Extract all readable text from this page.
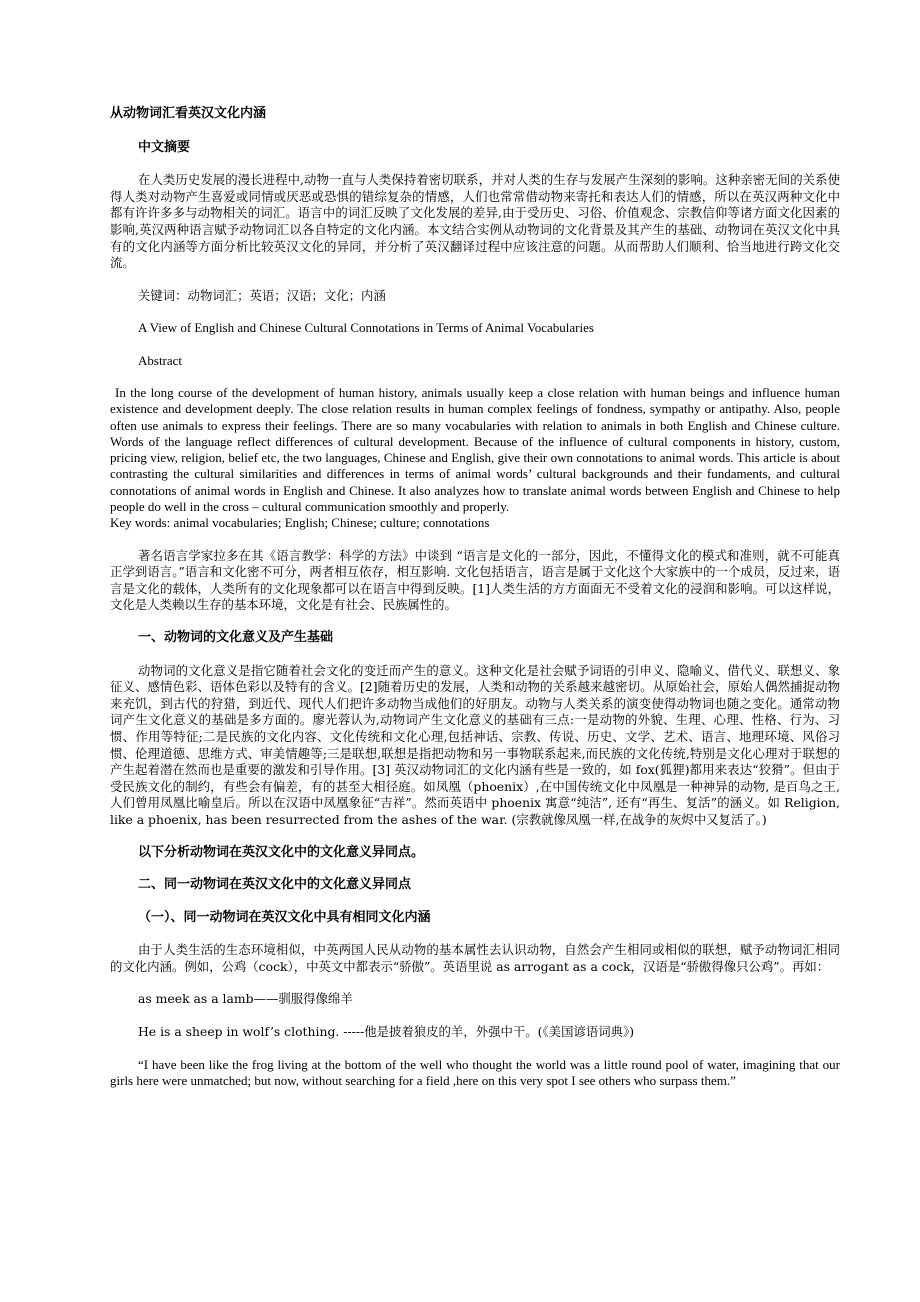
从动物词汇看英汉文化内涵
中文摘要

在人类历史发展的漫长进程中,动物一直与人类保持着密切联系，并对人类的生存与发展产生深刻的影响。这种亲密无间的关系使得人类对动物产生喜爱或同情或厌恶或恐惧的错综复杂的情感，人们也常常借动物来寄托和表达人们的情感，所以在英汉两种文化中都有许许多多与动物相关的词汇。语言中的词汇反映了文化发展的差异,由于受历史、习俗、价值观念、宗教信仰等诸方面文化因素的影响,英汉两种语言赋予动物词汇以各自特定的文化内涵。本文结合实例从动物词的文化背景及其产生的基础、动物词在英汉文化中具有的文化内涵等方面分析比较英汉文化的异同，并分析了英汉翻译过程中应该注意的问题。从而帮助人们顺利、恰当地进行跨文化交流。

关键词：动物词汇；英语；汉语；文化；内涵

A View of English and Chinese Cultural Connotations in Terms of Animal Vocabularies

Abstract

In the long course of the development of human history, animals usually keep a close relation with human beings and influence human existence and development deeply. The close relation results in human complex feelings of fondness, sympathy or antipathy. Also, people often use animals to express their feelings. There are so many vocabularies with relation to animals in both English and Chinese culture. Words of the language reflect differences of cultural development. Because of the influence of cultural components in history, custom, pricing view, religion, belief etc, the two languages, Chinese and English, give their own connotations to animal words. This article is about contrasting the cultural similarities and differences in terms of animal words’ cultural backgrounds and their fundaments, and cultural connotations of animal words in English and Chinese. It also analyzes how to translate animal words between English and Chinese to help people do well in the cross – cultural communication smoothly and properly.

Key words: animal vocabularies; English; Chinese; culture; connotations

著名语言学家拉多在其《语言教学：科学的方法》中谈到 “语言是文化的一部分，因此，不懂得文化的模式和准则，就不可能真正学到语言。”语言和文化密不可分，两者相互依存，相互影响. 文化包括语言，语言是属于文化这个大家族中的一个成员，反过来，语言是文化的载体，人类所有的文化现象都可以在语言中得到反映。[1]人类生活的方方面面无不受着文化的浸润和影响。可以这样说，文化是人类赖以生存的基本环境，文化是有社会、民族属性的。

一、动物词的文化意义及产生基础

动物词的文化意义是指它随着社会文化的变迁而产生的意义。这种文化是社会赋予词语的引申义、隐喻义、借代义、联想义、象征义、感情色彩、语体色彩以及特有的含义。[2]随着历史的发展，人类和动物的关系越来越密切。从原始社会，原始人偶然捕捉动物来充饥，到古代的狩猎，到近代、现代人们把许多动物当成他们的好朋友。动物与人类关系的演变使得动物词也随之变化。通常动物词产生文化意义的基础是多方面的。廖光蓉认为,动物词产生文化意义的基础有三点:一是动物的外貌、生理、心理、性格、行为、习惯、作用等特征;二是民族的文化内容、文化传统和文化心理,包括神话、宗教、传说、历史、文学、艺术、语言、地理环境、风俗习惯、伦理道德、思维方式、审美情趣等;三是联想,联想是指把动物和另一事物联系起来,而民族的文化传统,特别是文化心理对于联想的产生起着潜在然而也是重要的激发和引导作用。[3] 英汉动物词汇的文化内涵有些是一致的，如 fox(狐狸)都用来表达“狡猾”。但由于受民族文化的制约，有些会有偏差，有的甚至大相径庭。如凤凰（phoenix）,在中国传统文化中凤凰是一种神异的动物, 是百鸟之王, 人们曾用凤凰比喻皇后。所以在汉语中凤凰象征“吉祥”。然而英语中 phoenix 寓意“纯洁”, 还有“再生、复活”的涵义。如 Religion, like a phoenix, has been resurrected from the ashes of the war. (宗教就像凤凰一样,在战争的灰烬中又复活了。)

以下分析动物词在英汉文化中的文化意义异同点。
二、同一动物词在英汉文化中的文化意义异同点
（一）、同一动物词在英汉文化中具有相同文化内涵

由于人类生活的生态环境相似，中英两国人民从动物的基本属性去认识动物，自然会产生相同或相似的联想，赋予动物词汇相同的文化内涵。例如，公鸡（cock），中英文中都表示“骄傲”。英语里说 as arrogant as a cock，汉语是“骄傲得像只公鸡”。再如：

as meek as a lamb——驯服得像绵羊

He is a sheep in wolf’s clothing. -----他是披着狼皮的羊，外强中干。(《美国谚语词典》)

“I have been like the frog living at the bottom of the well who thought the world was a little round pool of water, imagining that our girls here were unmatched; but now, without searching for a field ,here on this very spot I see others who surpass them.”
